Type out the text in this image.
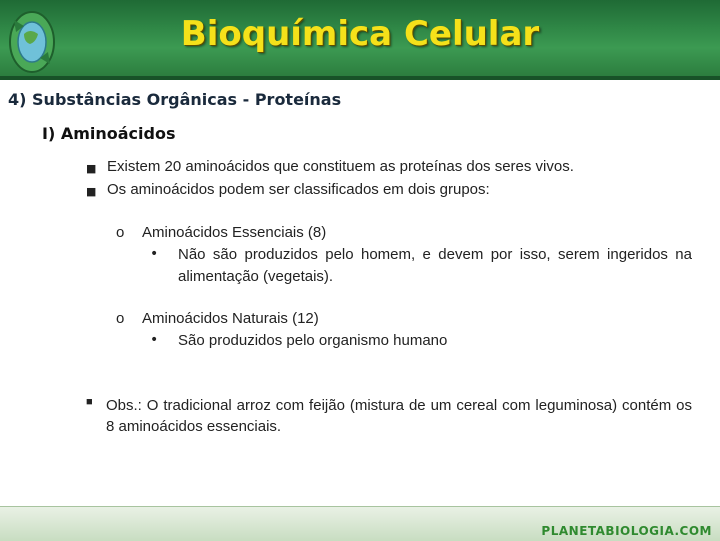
Bioquímica Celular
4) Substâncias Orgânicas - Proteínas
I) Aminoácidos
■ Existem 20 aminoácidos que constituem as proteínas dos seres vivos.
■ Os aminoácidos podem ser classificados em dois grupos:
o Aminoácidos Essenciais (8)
• Não são produzidos pelo homem, e devem por isso, serem ingeridos na alimentação (vegetais).
o Aminoácidos Naturais (12)
• São produzidos pelo organismo humano
■ Obs.: O tradicional arroz com feijão (mistura de um cereal com leguminosa) contém os 8 aminoácidos essenciais.
PLANETABIOLOGIA.COM
